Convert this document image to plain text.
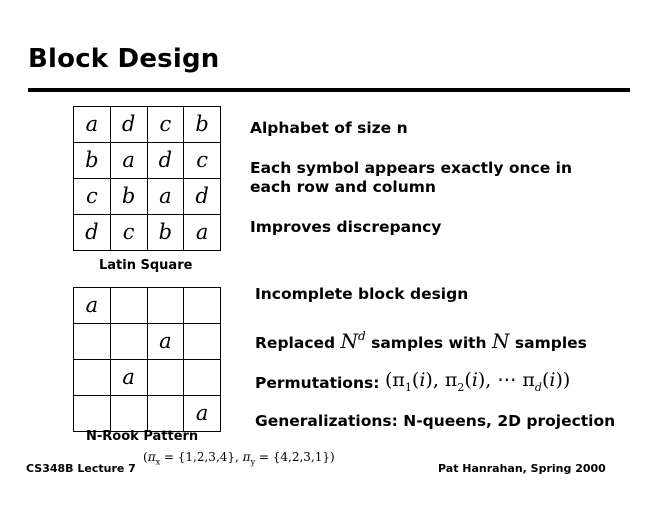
Block Design
a	d	c	b
b	a	d	c
c	b	a	d
d	c	b	a
Latin Square
a			
		a	
	a		
			a
N-Rook Pattern
Alphabet of size n
Each symbol appears exactly once in
each row and column
Improves discrepancy
Incomplete block design
Replaced $N^d$ samples with N samples
Permutations: ($\pi_1(i)$, $\pi_2(i)$, ⋯ $\pi_d(i)$)
Generalizations: N-queens, 2D projection
($\pi_x = \{1,2,3,4\}$, $\pi_y = \{4,2,3,1\}$)
CS348B Lecture 7	Pat Hanrahan, Spring 2000
